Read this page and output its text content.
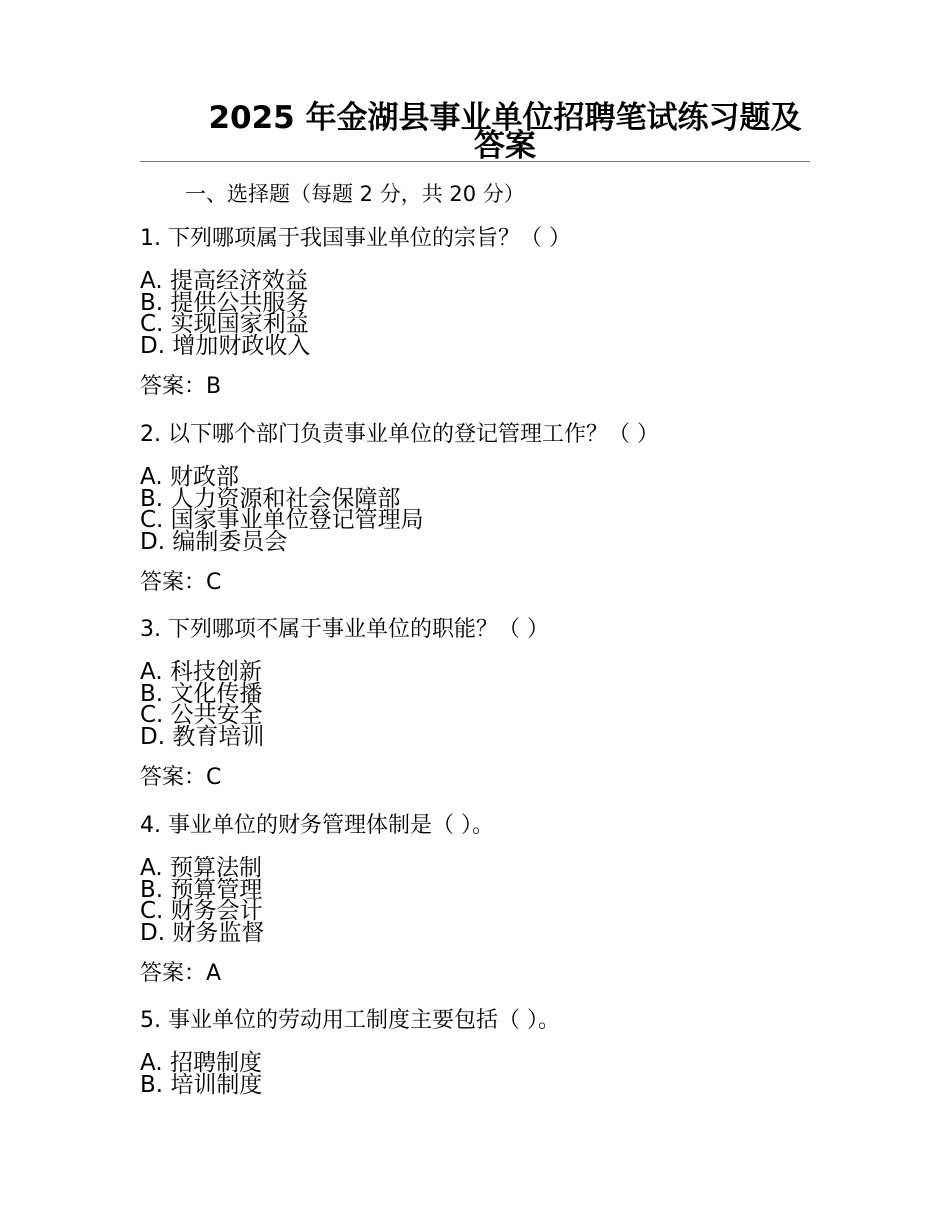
2025 年金湖县事业单位招聘笔试练习题及答案
一、选择题（每题 2 分，共 20 分）

1. 下列哪项属于我国事业单位的宗旨？（ ）

A. 提高经济效益

B. 提供公共服务

C. 实现国家利益

D. 增加财政收入

答案：B

2. 以下哪个部门负责事业单位的登记管理工作？（ ）

A. 财政部

B. 人力资源和社会保障部

C. 国家事业单位登记管理局

D. 编制委员会

答案：C

3. 下列哪项不属于事业单位的职能？（ ）

A. 科技创新

B. 文化传播

C. 公共安全

D. 教育培训

答案：C

4. 事业单位的财务管理体制是（ ）。

A. 预算法制

B. 预算管理

C. 财务会计

D. 财务监督

答案：A

5. 事业单位的劳动用工制度主要包括（ ）。

A. 招聘制度

B. 培训制度
